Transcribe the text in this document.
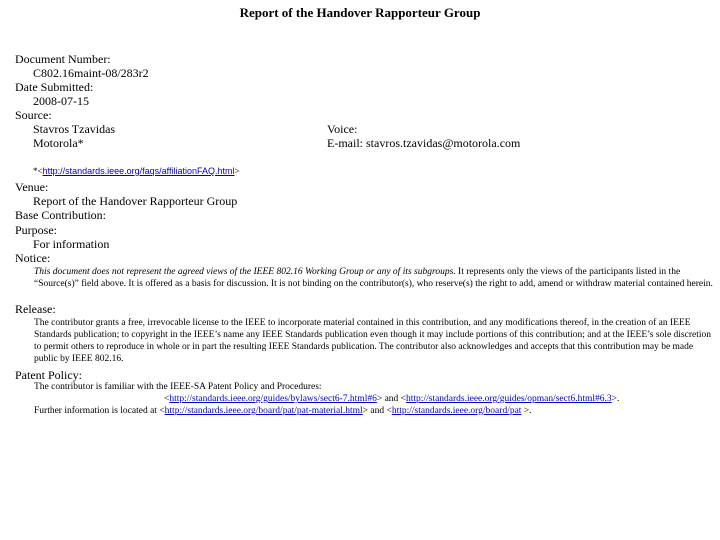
Report of the Handover Rapporteur Group
Document Number:
C802.16maint-08/283r2
Date Submitted:
2008-07-15
Source:
Stavros Tzavidas
Motorola*
Voice:
E-mail: stavros.tzavidas@motorola.com
*<http://standards.ieee.org/faqs/affiliationFAQ.html>
Venue:
Report of the Handover Rapporteur Group
Base Contribution:
Purpose:
For information
Notice:
This document does not represent the agreed views of the IEEE 802.16 Working Group or any of its subgroups. It represents only the views of the participants listed in the “Source(s)” field above. It is offered as a basis for discussion. It is not binding on the contributor(s), who reserve(s) the right to add, amend or withdraw material contained herein.
Release:
The contributor grants a free, irrevocable license to the IEEE to incorporate material contained in this contribution, and any modifications thereof, in the creation of an IEEE Standards publication; to copyright in the IEEE’s name any IEEE Standards publication even though it may include portions of this contribution; and at the IEEE’s sole discretion to permit others to reproduce in whole or in part the resulting IEEE Standards publication. The contributor also acknowledges and accepts that this contribution may be made public by IEEE 802.16.
Patent Policy:
The contributor is familiar with the IEEE-SA Patent Policy and Procedures:
<http://standards.ieee.org/guides/bylaws/sect6-7.html#6> and <http://standards.ieee.org/guides/opman/sect6.html#6.3>.
Further information is located at <http://standards.ieee.org/board/pat/pat-material.html> and <http://standards.ieee.org/board/pat >.
